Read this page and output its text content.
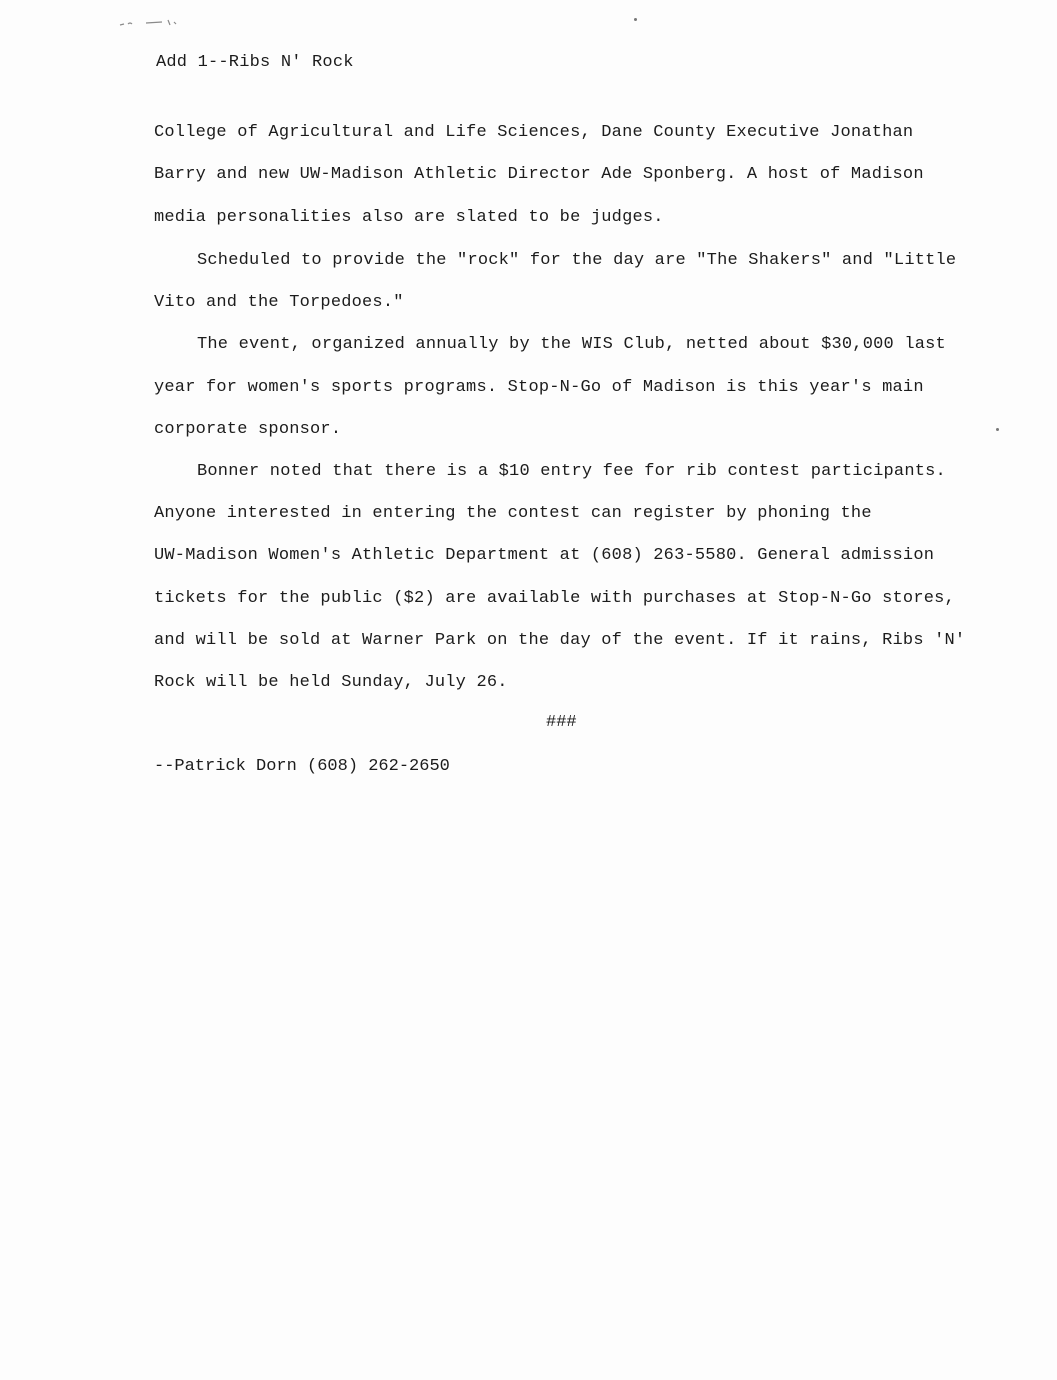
Add 1--Ribs N' Rock
College of Agricultural and Life Sciences, Dane County Executive Jonathan
Barry and new UW-Madison Athletic Director Ade Sponberg. A host of Madison
media personalities also are slated to be judges.
Scheduled to provide the "rock" for the day are "The Shakers" and "Little
Vito and the Torpedoes."
The event, organized annually by the WIS Club, netted about $30,000 last
year for women's sports programs. Stop-N-Go of Madison is this year's main
corporate sponsor.
Bonner noted that there is a $10 entry fee for rib contest participants.
Anyone interested in entering the contest can register by phoning the
UW-Madison Women's Athletic Department at (608) 263-5580. General admission
tickets for the public ($2) are available with purchases at Stop-N-Go stores,
and will be sold at Warner Park on the day of the event. If it rains, Ribs 'N'
Rock will be held Sunday, July 26.
###
--Patrick Dorn (608) 262-2650
